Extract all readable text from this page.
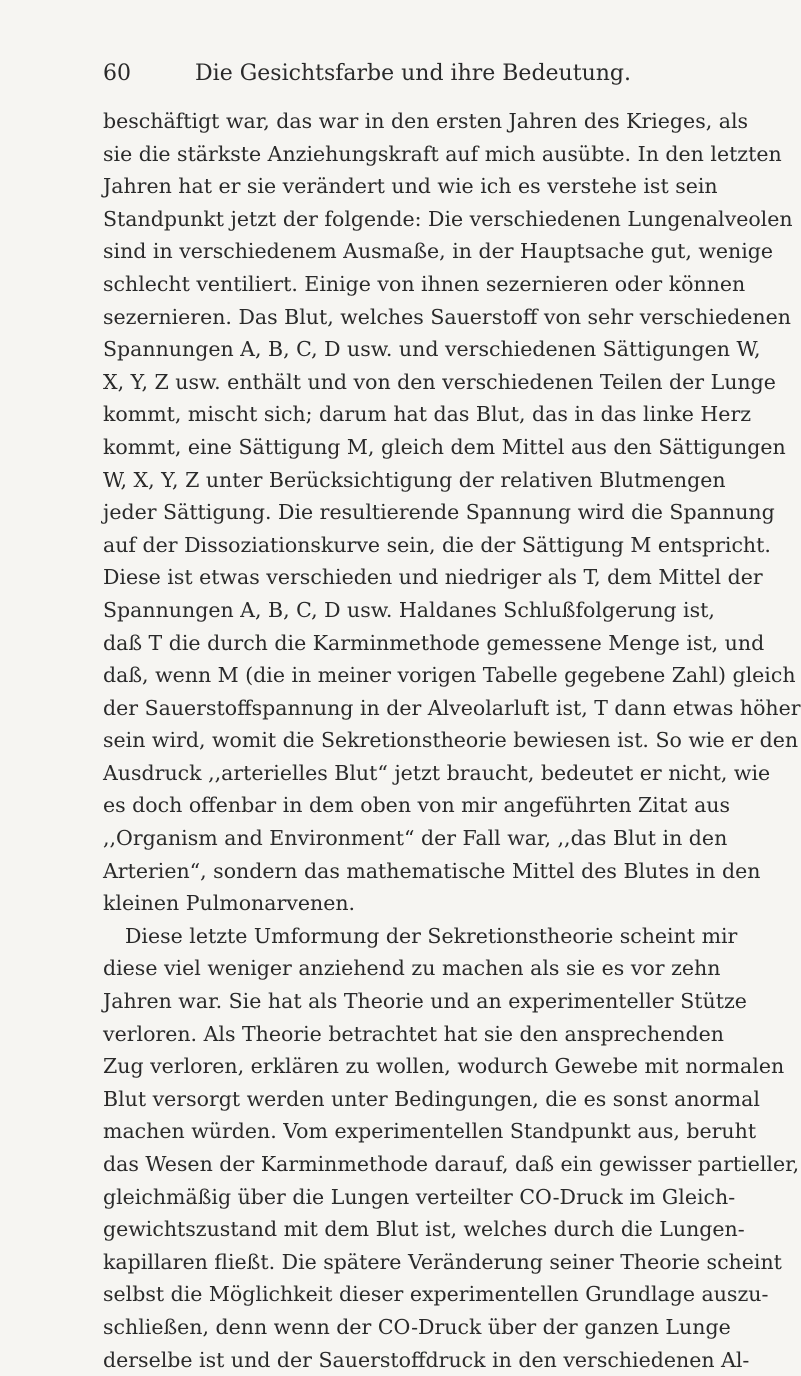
60	Die Gesichtsfarbe und ihre Bedeutung.
beschäftigt war, das war in den ersten Jahren des Krieges, als
sie die stärkste Anziehungskraft auf mich ausübte. In den letzten
Jahren hat er sie verändert und wie ich es verstehe ist sein
Standpunkt jetzt der folgende: Die verschiedenen Lungenalveolen
sind in verschiedenem Ausmaße, in der Hauptsache gut, wenige
schlecht ventiliert. Einige von ihnen sezernieren oder können
sezernieren. Das Blut, welches Sauerstoff von sehr verschiedenen
Spannungen A, B, C, D usw. und verschiedenen Sättigungen W,
X, Y, Z usw. enthält und von den verschiedenen Teilen der Lunge
kommt, mischt sich; darum hat das Blut, das in das linke Herz
kommt, eine Sättigung M, gleich dem Mittel aus den Sättigungen
W, X, Y, Z unter Berücksichtigung der relativen Blutmengen
jeder Sättigung. Die resultierende Spannung wird die Spannung
auf der Dissoziationskurve sein, die der Sättigung M entspricht.
Diese ist etwas verschieden und niedriger als T, dem Mittel der
Spannungen A, B, C, D usw. Haldanes Schlußfolgerung ist,
daß T die durch die Karminmethode gemessene Menge ist, und
daß, wenn M (die in meiner vorigen Tabelle gegebene Zahl) gleich
der Sauerstoffspannung in der Alveolarluft ist, T dann etwas höher
sein wird, womit die Sekretionstheorie bewiesen ist. So wie er den
Ausdruck ,,arterielles Blut“ jetzt braucht, bedeutet er nicht, wie
es doch offenbar in dem oben von mir angeführten Zitat aus
,,Organism and Environment“ der Fall war, ,,das Blut in den
Arterien“, sondern das mathematische Mittel des Blutes in den
kleinen Pulmonarvenen.
Diese letzte Umformung der Sekretionstheorie scheint mir
diese viel weniger anziehend zu machen als sie es vor zehn
Jahren war. Sie hat als Theorie und an experimenteller Stütze
verloren. Als Theorie betrachtet hat sie den ansprechenden
Zug verloren, erklären zu wollen, wodurch Gewebe mit normalen
Blut versorgt werden unter Bedingungen, die es sonst anormal
machen würden. Vom experimentellen Standpunkt aus, beruht
das Wesen der Karminmethode darauf, daß ein gewisser partieller,
gleichmäßig über die Lungen verteilter CO-Druck im Gleich-
gewichtszustand mit dem Blut ist, welches durch die Lungen-
kapillaren fließt. Die spätere Veränderung seiner Theorie scheint
selbst die Möglichkeit dieser experimentellen Grundlage auszu-
schließen, denn wenn der CO-Druck über der ganzen Lunge
derselbe ist und der Sauerstoffdruck in den verschiedenen Al-
